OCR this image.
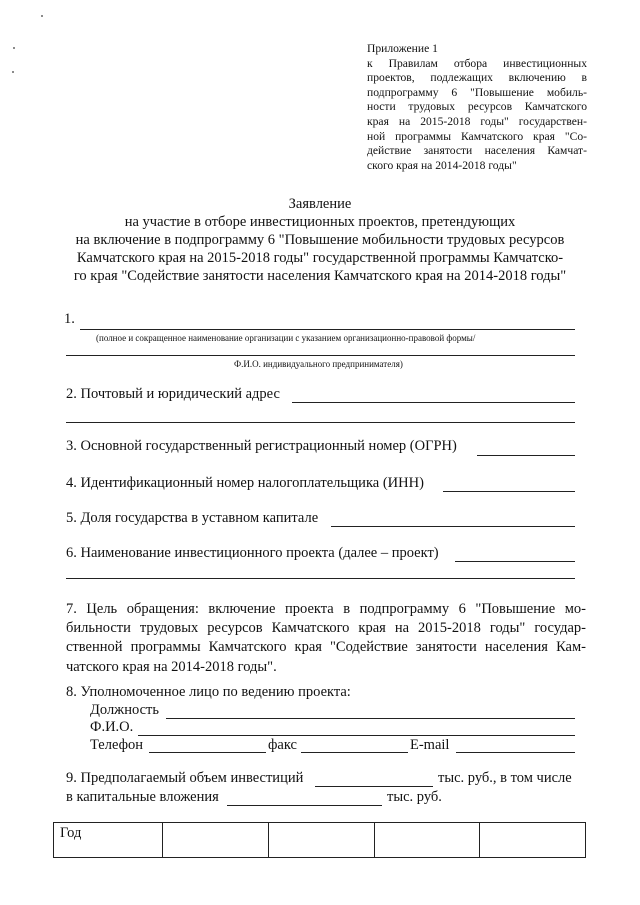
Приложение 1
к Правилам отбора инвестиционных
проектов, подлежащих включению в
подпрограмму 6 "Повышение мобиль-
ности трудовых ресурсов Камчатского
края на 2015-2018 годы" государствен-
ной программы Камчатского края "Со-
действие занятости населения Камчат-
ского края на 2014-2018 годы"
Заявление
на участие в отборе инвестиционных проектов, претендующих
на включение в подпрограмму 6 "Повышение мобильности трудовых ресурсов
Камчатского края на 2015-2018 годы" государственной программы Камчатско-
го края "Содействие занятости населения Камчатского края на 2014-2018 годы"
1.
(полное и сокращенное наименование организации с указанием организационно-правовой формы/
Ф.И.О. индивидуального предпринимателя)
2. Почтовый и юридический адрес
3. Основной государственный регистрационный номер (ОГРН)
4. Идентификационный номер налогоплательщика (ИНН)
5. Доля государства в уставном капитале
6. Наименование инвестиционного проекта (далее – проект)
7. Цель обращения: включение проекта в подпрограмму 6 "Повышение мо-
бильности трудовых ресурсов Камчатского края на 2015-2018 годы" государ-
ственной программы Камчатского края "Содействие занятости населения Кам-
чатского края на 2014-2018 годы".
8. Уполномоченное лицо по ведению проекта:
Должность
Ф.И.О.
Телефон	факс	E-mail
9. Предполагаемый объем инвестиций	тыс. руб., в том числе
в капитальные вложения	тыс. руб.
Год				
